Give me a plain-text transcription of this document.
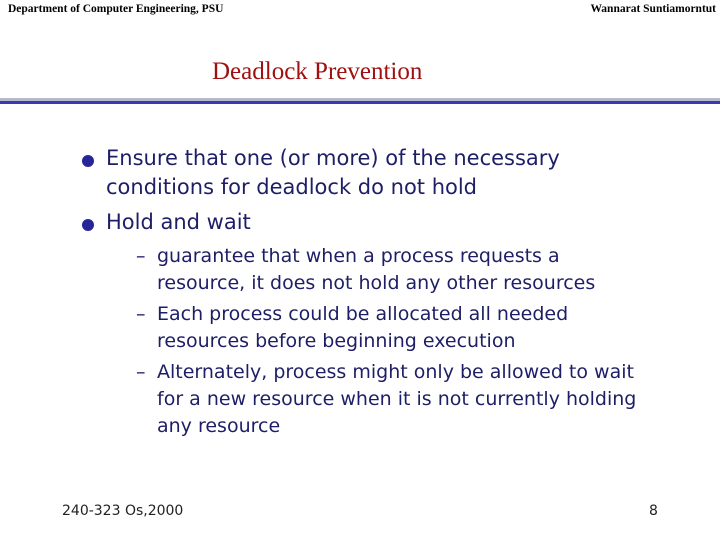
Department of Computer Engineering, PSU	Wannarat Suntiamorntut
Deadlock Prevention
Ensure that one (or more) of the necessary
conditions for deadlock do not hold
Hold and wait
– guarantee that when a process requests a
resource, it does not hold any other resources
– Each process could be allocated all needed
resources before beginning execution
– Alternately, process might only be allowed to wait
for a new resource when it is not currently holding
any resource
240-323 Os,2000	8
